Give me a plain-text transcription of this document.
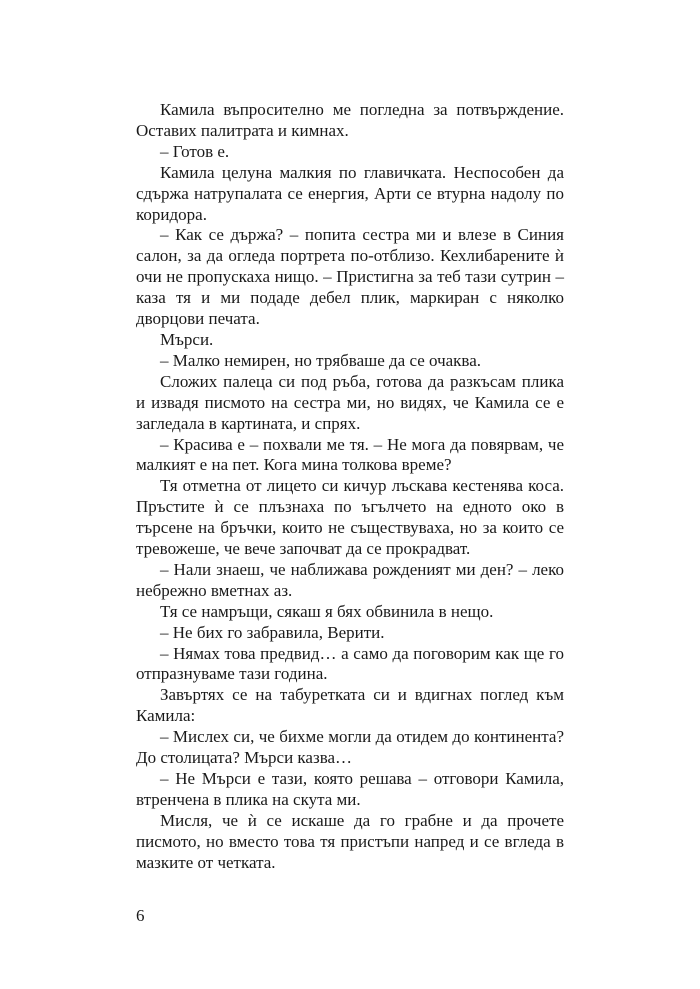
Камила въпросително ме погледна за потвърждение. Оставих палитрата и кимнах.

– Готов е.

Камила целуна малкия по главичката. Неспособен да сдържа натрупалата се енергия, Арти се втурна надолу по коридора.

– Как се държа? – попита сестра ми и влезе в Синия салон, за да огледа портрета по-отблизо. Кехлибарените ѝ очи не пропускаха нищо. – Пристигна за теб тази сутрин – каза тя и ми подаде дебел плик, маркиран с няколко дворцови печата.

Мърси.

– Малко немирен, но трябваше да се очаква.

Сложих палеца си под ръба, готова да разкъсам плика и извадя писмото на сестра ми, но видях, че Камила се е загледала в картината, и спрях.

– Красива е – похвали ме тя. – Не мога да повярвам, че малкият е на пет. Кога мина толкова време?

Тя отметна от лицето си кичур лъскава кестенява коса. Пръстите ѝ се плъзнаха по ъгълчето на едното око в търсене на бръчки, които не съществуваха, но за които се тревожеше, че вече започват да се прокрадват.

– Нали знаеш, че наближава рожденият ми ден? – леко небрежно вметнах аз.

Тя се намръщи, сякаш я бях обвинила в нещо.

– Не бих го забравила, Верити.

– Нямах това предвид… а само да поговорим как ще го отпразнуваме тази година.

Завъртях се на табуретката си и вдигнах поглед към Камила:

– Мислех си, че бихме могли да отидем до континента? До столицата? Мърси казва…

– Не Мърси е тази, която решава – отговори Камила, втренчена в плика на скута ми.

Мисля, че ѝ се искаше да го грабне и да прочете писмото, но вместо това тя пристъпи напред и се вгледа в мазките от четката.

6
